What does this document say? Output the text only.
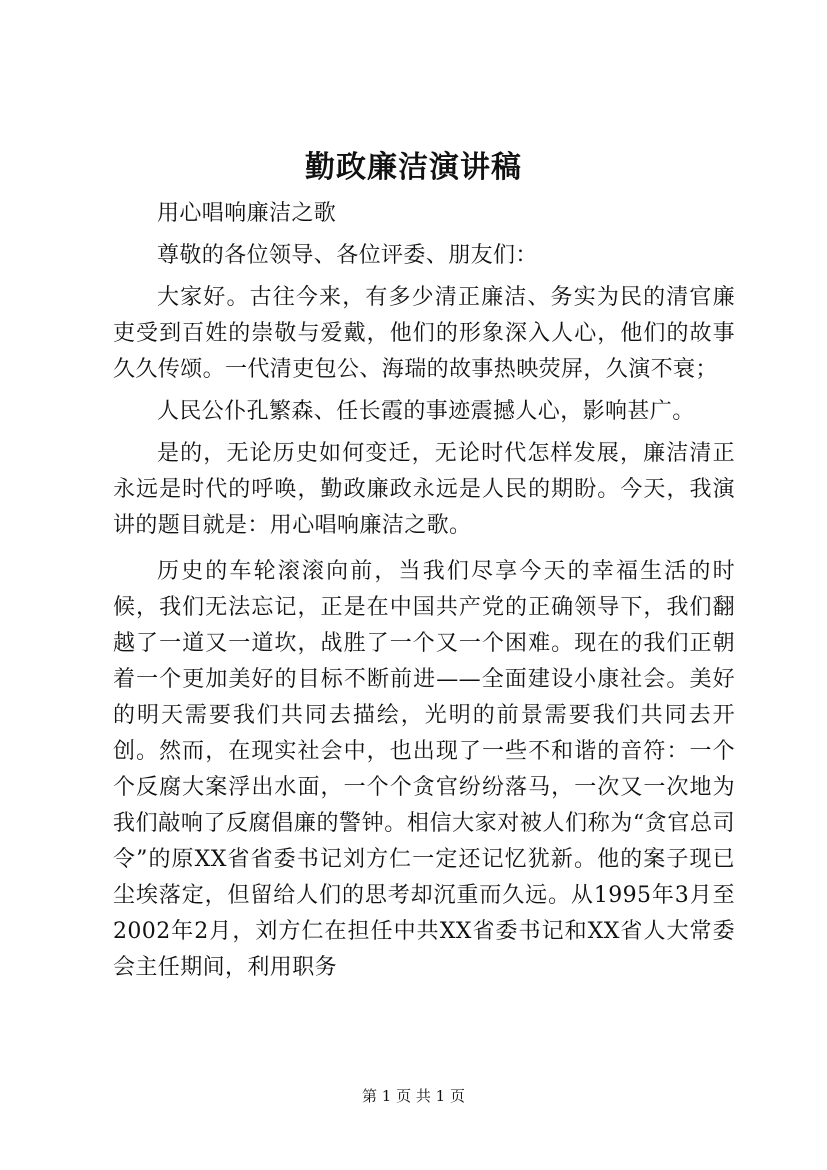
勤政廉洁演讲稿

用心唱响廉洁之歌

尊敬的各位领导、各位评委、朋友们：

大家好。古往今来，有多少清正廉洁、务实为民的清官廉吏受到百姓的崇敬与爱戴，他们的形象深入人心，他们的故事久久传颂。一代清吏包公、海瑞的故事热映荧屏，久演不衰；

人民公仆孔繁森、任长霞的事迹震撼人心，影响甚广。

是的，无论历史如何变迁，无论时代怎样发展，廉洁清正永远是时代的呼唤，勤政廉政永远是人民的期盼。今天，我演讲的题目就是：用心唱响廉洁之歌。

历史的车轮滚滚向前，当我们尽享今天的幸福生活的时候，我们无法忘记，正是在中国共产党的正确领导下，我们翻越了一道又一道坎，战胜了一个又一个困难。现在的我们正朝着一个更加美好的目标不断前进——全面建设小康社会。美好的明天需要我们共同去描绘，光明的前景需要我们共同去开创。然而，在现实社会中，也出现了一些不和谐的音符：一个个反腐大案浮出水面，一个个贪官纷纷落马，一次又一次地为我们敲响了反腐倡廉的警钟。相信大家对被人们称为“贪官总司令”的原XX省省委书记刘方仁一定还记忆犹新。他的案子现已尘埃落定，但留给人们的思考却沉重而久远。从1995年3月至2002年2月，刘方仁在担任中共XX省委书记和XX省人大常委会主任期间，利用职务

第 1 页 共 1 页
